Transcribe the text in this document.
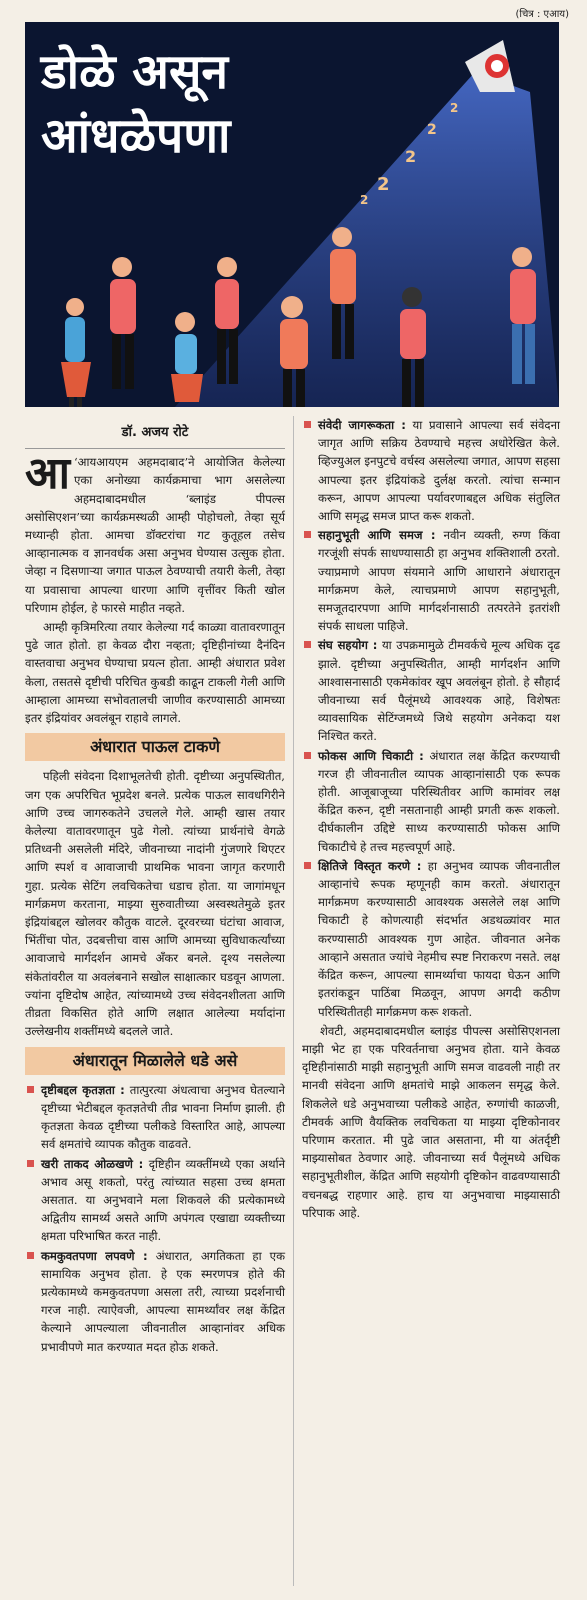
(चित्र : एआय)
2
2
2
2
2
डोळे असून
आंधळेपणा
डॉ. अजय रोटे

आ ‘आयआयएम अहमदाबाद’ने आयोजित केलेल्या एका अनोख्या कार्यक्रमाचा भाग असलेल्या अहमदाबादमधील ‘ब्लाइंड पीपल्स असोसिएशन’च्या कार्यक्रमस्थळी आम्ही पोहोचलो, तेव्हा सूर्य मध्यान्ही होता. आमचा डॉक्टरांचा गट कुतूहल तसेच आव्हानात्मक व ज्ञानवर्धक असा अनुभव घेण्यास उत्सुक होता. जेव्हा न दिसणाऱ्या जगात पाऊल ठेवण्याची तयारी केली, तेव्हा या प्रवासाचा आपल्या धारणा आणि वृत्तींवर किती खोल परिणाम होईल, हे फारसे माहीत नव्हते.

आम्ही कृत्रिमरित्या तयार केलेल्या गर्द काळ्या वातावरणातून पुढे जात होतो. हा केवळ दौरा नव्हता; दृष्टिहीनांच्या दैनंदिन वास्तवाचा अनुभव घेण्याचा प्रयत्न होता. आम्ही अंधारात प्रवेश केला, तसतसे दृष्टीची परिचित कुबडी काढून टाकली गेली आणि आम्हाला आमच्या सभोवतालची जाणीव करण्यासाठी आमच्या इतर इंद्रियांवर अवलंबून राहावे लागले.

अंधारात पाऊल टाकणे

पहिली संवेदना दिशाभूलतेची होती. दृष्टीच्या अनुपस्थितीत, जग एक अपरिचित भूप्रदेश बनले. प्रत्येक पाऊल सावधगिरीने आणि उच्च जागरुकतेने उचलले गेले. आम्ही खास तयार केलेल्या वातावरणातून पुढे गेलो. त्यांच्या प्रार्थनांचे वेगळे प्रतिध्वनी असलेली मंदिरे, जीवनाच्या नादांनी गुंजणारे थिएटर आणि स्पर्श व आवाजाची प्राथमिक भावना जागृत करणारी गुहा. प्रत्येक सेटिंग लवचिकतेचा धडाच होता. या जागांमधून मार्गक्रमण करताना, माझ्या सुरुवातीच्या अस्वस्थतेमुळे इतर इंद्रियांबद्दल खोलवर कौतुक वाटले. दूरवरच्या घंटांचा आवाज, भिंतींचा पोत, उदबत्तीचा वास आणि आमच्या सुविधाकर्त्यांच्या आवाजाचे मार्गदर्शन आमचे अँकर बनले. दृश्य नसलेल्या संकेतांवरील या अवलंबनाने सखोल साक्षात्कार घडवून आणला. ज्यांना दृष्टिदोष आहेत, त्यांच्यामध्ये उच्च संवेदनशीलता आणि तीव्रता विकसित होते आणि लक्षात आलेल्या मर्यादांना उल्लेखनीय शक्तींमध्ये बदलले जाते.

अंधारातून मिळालेले धडे असे

दृष्टीबद्दल कृतज्ञता : तात्पुरत्या अंधत्वाचा अनुभव घेतल्याने दृष्टीच्या भेटीबद्दल कृतज्ञतेची तीव्र भावना निर्माण झाली. ही कृतज्ञता केवळ दृष्टीच्या पलीकडे विस्तारित आहे, आपल्या सर्व क्षमतांचे व्यापक कौतुक वाढवते.

खरी ताकद ओळखणे : दृष्टिहीन व्यक्तींमध्ये एका अर्थाने अभाव असू शकतो, परंतु त्यांच्यात सहसा उच्च क्षमता असतात. या अनुभवाने मला शिकवले की प्रत्येकामध्ये अद्वितीय सामर्थ्य असते आणि अपंगत्व एखाद्या व्यक्तीच्या क्षमता परिभाषित करत नाही.

कमकुवतपणा लपवणे : अंधारात, अगतिकता हा एक सामायिक अनुभव होता. हे एक स्मरणपत्र होते की प्रत्येकामध्ये कमकुवतपणा असला तरी, त्याच्या प्रदर्शनाची गरज नाही. त्याऐवजी, आपल्या सामर्थ्यांवर लक्ष केंद्रित केल्याने आपल्याला जीवनातील आव्हानांवर अधिक प्रभावीपणे मात करण्यात मदत होऊ शकते.

संवेदी जागरूकता : या प्रवासाने आपल्या सर्व संवेदना जागृत आणि सक्रिय ठेवण्याचे महत्त्व अधोरेखित केले. व्हिज्युअल इनपुटचे वर्चस्व असलेल्या जगात, आपण सहसा आपल्या इतर इंद्रियांकडे दुर्लक्ष करतो. त्यांचा सन्मान करून, आपण आपल्या पर्यावरणाबद्दल अधिक संतुलित आणि समृद्ध समज प्राप्त करू शकतो.

सहानुभूती आणि समज : नवीन व्यक्ती, रुग्ण किंवा गरजूंशी संपर्क साधण्यासाठी हा अनुभव शक्तिशाली ठरतो. ज्याप्रमाणे आपण संयमाने आणि आधाराने अंधारातून मार्गक्रमण केले, त्याचप्रमाणे आपण सहानुभूती, समजूतदारपणा आणि मार्गदर्शनासाठी तत्परतेने इतरांशी संपर्क साधला पाहिजे.

संघ सहयोग : या उपक्रमामुळे टीमवर्कचे मूल्य अधिक दृढ झाले. दृष्टीच्या अनुपस्थितीत, आम्ही मार्गदर्शन आणि आश्वासनासाठी एकमेकांवर खूप अवलंबून होतो. हे सौहार्द जीवनाच्या सर्व पैलूंमध्ये आवश्यक आहे, विशेषतः व्यावसायिक सेटिंग्जमध्ये जिथे सहयोग अनेकदा यश निश्चित करते.

फोकस आणि चिकाटी : अंधारात लक्ष केंद्रित करण्याची गरज ही जीवनातील व्यापक आव्हानांसाठी एक रूपक होती. आजूबाजूच्या परिस्थितीवर आणि कामांवर लक्ष केंद्रित करुन, दृष्टी नसतानाही आम्ही प्रगती करू शकलो. दीर्घकालीन उद्दिष्टे साध्य करण्यासाठी फोकस आणि चिकाटीचे हे तत्त्व महत्त्वपूर्ण आहे.

क्षितिजे विस्तृत करणे : हा अनुभव व्यापक जीवनातील आव्हानांचे रूपक म्हणूनही काम करतो. अंधारातून मार्गक्रमण करण्यासाठी आवश्यक असलेले लक्ष आणि चिकाटी हे कोणत्याही संदर्भात अडथळ्यांवर मात करण्यासाठी आवश्यक गुण आहेत. जीवनात अनेक आव्हाने असतात ज्यांचे नेहमीच स्पष्ट निराकरण नसते. लक्ष केंद्रित करून, आपल्या सामर्थ्याचा फायदा घेऊन आणि इतरांकडून पाठिंबा मिळवून, आपण अगदी कठीण परिस्थितीतही मार्गक्रमण करू शकतो.

शेवटी, अहमदाबादमधील ब्लाइंड पीपल्स असोसिएशनला माझी भेट हा एक परिवर्तनाचा अनुभव होता. याने केवळ दृष्टिहीनांसाठी माझी सहानुभूती आणि समज वाढवली नाही तर मानवी संवेदना आणि क्षमतांचे माझे आकलन समृद्ध केले. शिकलेले धडे अनुभवाच्या पलीकडे आहेत, रुग्णांची काळजी, टीमवर्क आणि वैयक्तिक लवचिकता या माझ्या दृष्टिकोनावर परिणाम करतात. मी पुढे जात असताना, मी या अंतर्दृष्टी माझ्यासोबत ठेवणार आहे. जीवनाच्या सर्व पैलूंमध्ये अधिक सहानुभूतीशील, केंद्रित आणि सहयोगी दृष्टिकोन वाढवण्यासाठी वचनबद्ध राहणार आहे. हाच या अनुभवाचा माझ्यासाठी परिपाक आहे.
